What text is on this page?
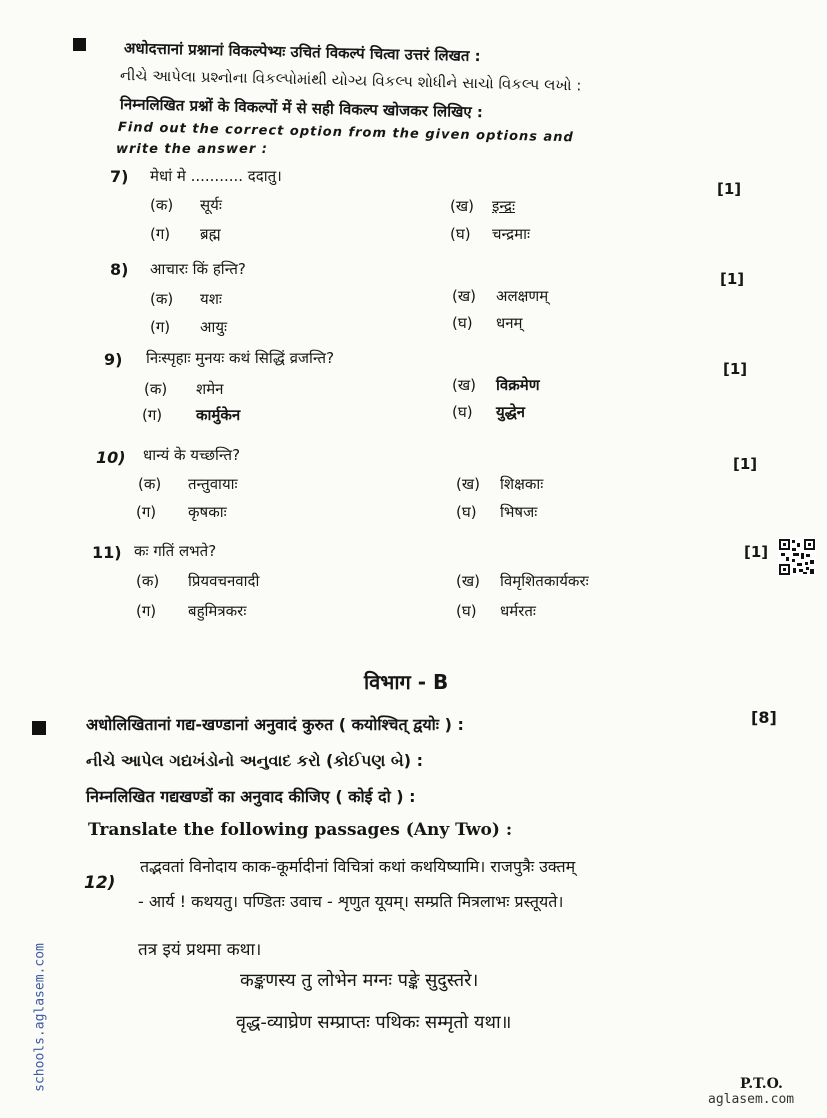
अधोदत्तानां प्रश्नानां विकल्पेभ्यः उचितं विकल्पं चित्वा उत्तरं लिखत :
નીચે આપેલા પ્રશ્નોના વિકલ્પોમાંથી યોગ્ય વિકલ્પ શોધીને સાચો વિકલ્પ લખો :
निम्नलिखित प्रश्नों के विकल्पों में से सही विकल्प खोजकर लिखिए :
Find out the correct option from the given options and
write the answer :
7) मेधां मे ........... ददातु।
[1]
(क) सूर्यः	(ख) इन्द्रः
(ग) ब्रह्म	(घ) चन्द्रमाः
8) आचारः किं हन्ति?
[1]
(क) यशः	(ख) अलक्षणम्
(ग) आयुः	(घ) धनम्
9) निःस्पृहाः मुनयः कथं सिद्धिं व्रजन्ति?
[1]
(क) शमेन	(ख) विक्रमेण
(ग) कार्मुकेन	(घ) युद्धेन
10) धान्यं के यच्छन्ति?	[1]
(क) तन्तुवायाः	(ख) शिक्षकाः
(ग) कृषकाः	(घ) भिषजः
11) कः गतिं लभते?	[1]
(क) प्रियवचनवादी	(ख) विमृशितकार्यकरः
(ग) बहुमित्रकरः	(घ) धर्मरतः
विभाग - B
अधोलिखितानां गद्य-खण्डानां अनुवादं कुरुत ( कयोश्चित् द्वयोः ) :	[8]
નીચે આપેલ ગદ્યખંડોનો અનુવાદ કરો (કોઈપણ બે) :
निम्नलिखित गद्यखण्डों का अनुवाद कीजिए ( कोई दो ) :
Translate the following passages (Any Two) :
12)
तद्भवतां विनोदाय काक-कूर्मादीनां विचित्रां कथां कथयिष्यामि। राजपुत्रैः उक्तम्
- आर्य ! कथयतु। पण्डितः उवाच - शृणुत यूयम्। सम्प्रति मित्रलाभः प्रस्तूयते।
तत्र इयं प्रथमा कथा।
कङ्कणस्य तु लोभेन मग्नः पङ्के सुदुस्तरे।
वृद्ध-व्याघ्रेण सम्प्राप्तः पथिकः सम्मृतो यथा॥
schools.aglasem.com	P.T.O.
aglasem.com
